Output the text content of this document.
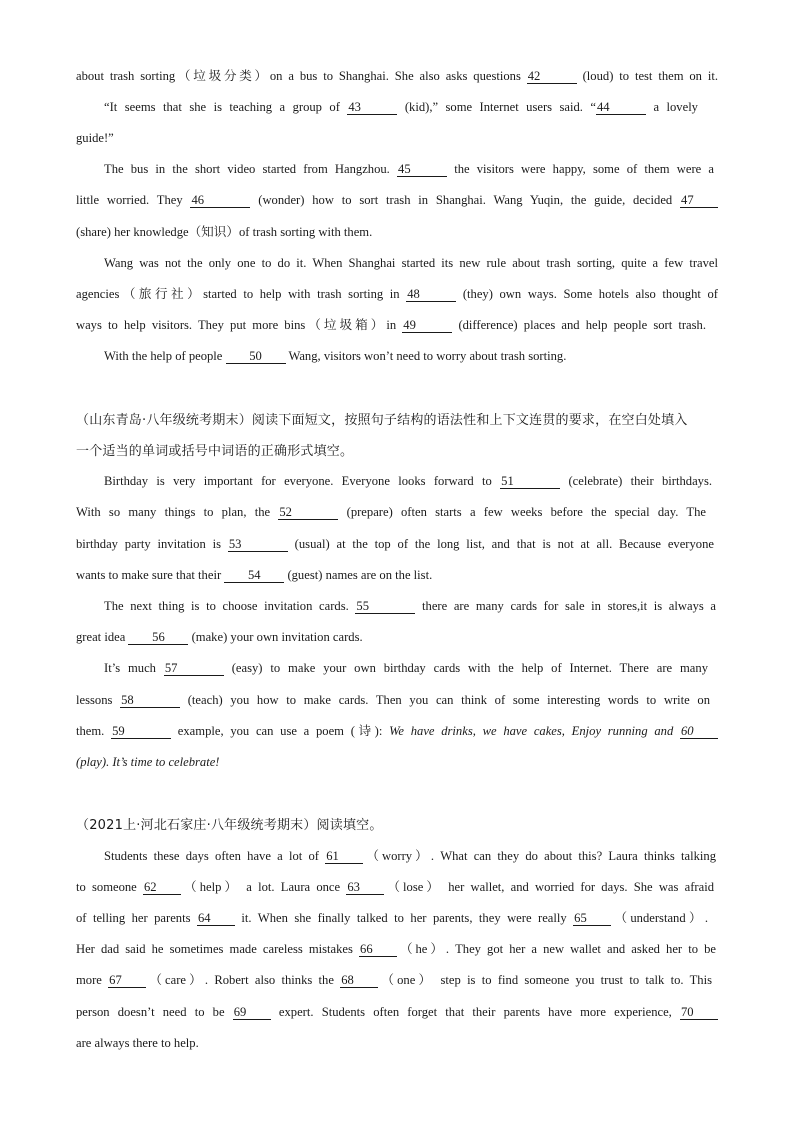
about trash sorting（垃圾分类）on a bus to Shanghai. She also asks questions 42	(loud) to test them on it.
“It seems that she is teaching a group of 43	(kid),” some Internet users said. “44	a lovely
guide!”
The bus in the short video started from Hangzhou. 45	the visitors were happy, some of them were a
little worried. They 46	(wonder) how to sort trash in Shanghai. Wang Yuqin, the guide, decided 47
(share) her knowledge（知识）of trash sorting with them.
Wang was not the only one to do it. When Shanghai started its new rule about trash sorting, quite a few travel
agencies（旅行社）started to help with trash sorting in 48	(they) own ways. Some hotels also thought of
ways to help visitors. They put more bins（垃圾箱）in 49	(difference) places and help people sort trash.
With the help of people 50 Wang, visitors won’t need to worry about trash sorting.
（山东青岛·八年级统考期末）阅读下面短文，按照句子结构的语法性和上下文连贯的要求，在空白处填入
一个适当的单词或括号中词语的正确形式填空。
Birthday is very important for everyone. Everyone looks forward to 51	(celebrate) their birthdays.
With so many things to plan, the 52	(prepare) often starts a few weeks before the special day. The
birthday party invitation is 53	(usual) at the top of the long list, and that is not at all. Because everyone
wants to make sure that their 54 (guest) names are on the list.
The next thing is to choose invitation cards. 55	there are many cards for sale in stores,it is always a
great idea 56 (make) your own invitation cards.
It’s much 57	(easy) to make your own birthday cards with the help of Internet. There are many
lessons 58	(teach) you how to make cards. Then you can think of some interesting words to write on
them. 59	example, you can use a poem (诗): We have drinks, we have cakes, Enjoy running and 60
(play). It’s time to celebrate!
（2021上·河北石家庄·八年级统考期末）阅读填空。
Students these days often have a lot of 61 （worry）. What can they do about this? Laura thinks talking
to someone 62 （help） a lot. Laura once 63 （lose） her wallet, and worried for days. She was afraid
of telling her parents 64 it. When she finally talked to her parents, they were really 65 （understand）.
Her dad said he sometimes made careless mistakes 66 （he）. They got her a new wallet and asked her to be
more 67 （care）. Robert also thinks the 68 （one） step is to find someone you trust to talk to. This
person doesn’t need to be 69 expert. Students often forget that their parents have more experience, 70
are always there to help.
